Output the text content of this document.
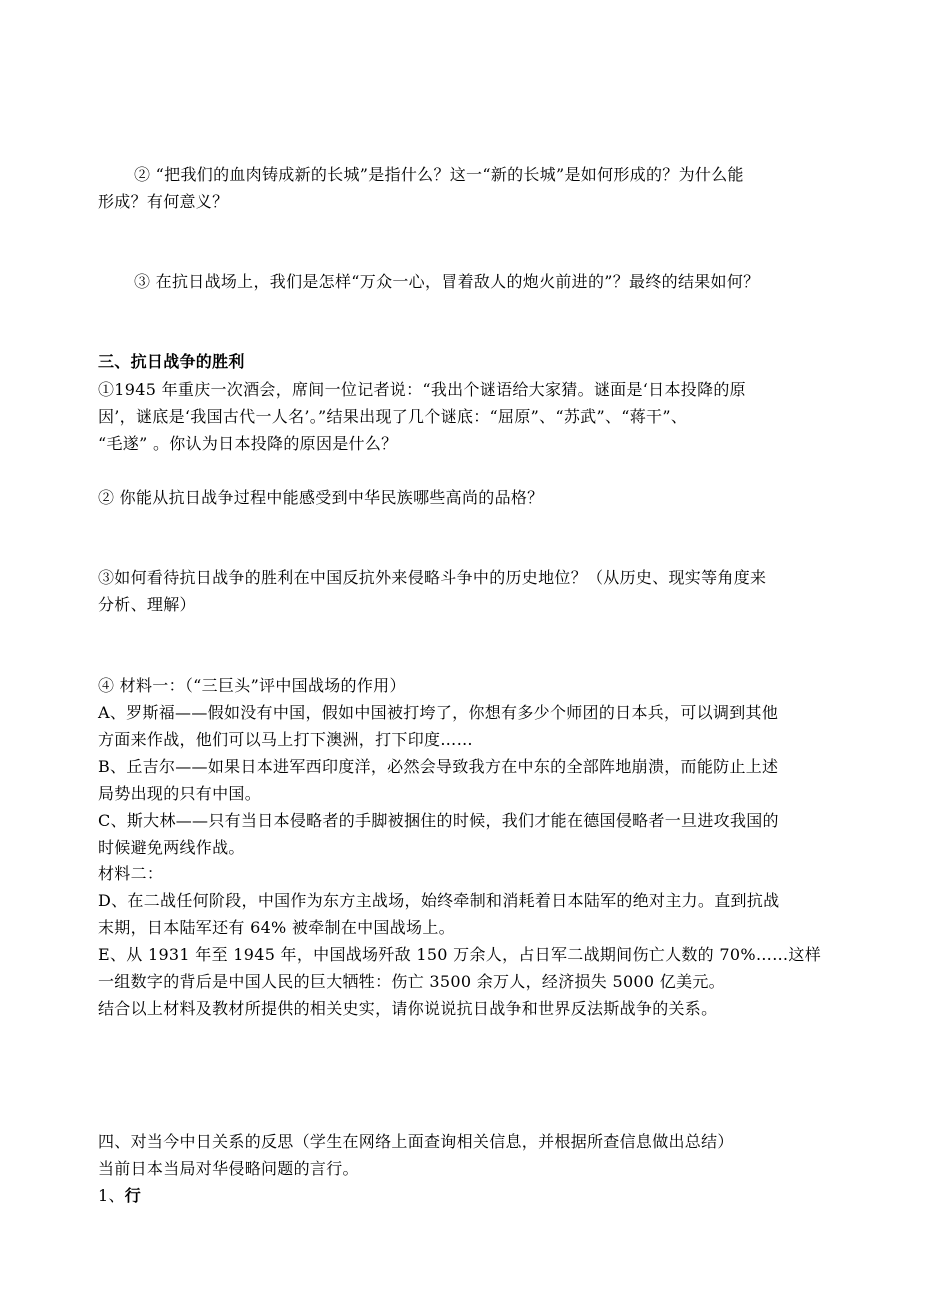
② “把我们的血肉铸成新的长城”是指什么？这一“新的长城”是如何形成的？为什么能
形成？有何意义？
③ 在抗日战场上，我们是怎样“万众一心，冒着敌人的炮火前进的”？最终的结果如何？
三、抗日战争的胜利
①1945 年重庆一次酒会，席间一位记者说：“我出个谜语给大家猜。谜面是‘日本投降的原
因’，谜底是‘我国古代一人名’。”结果出现了几个谜底：“屈原”、“苏武”、“蒋干”、
“毛遂” 。你认为日本投降的原因是什么？
② 你能从抗日战争过程中能感受到中华民族哪些高尚的品格？
③如何看待抗日战争的胜利在中国反抗外来侵略斗争中的历史地位？（从历史、现实等角度来
分析、理解）
④ 材料一：（“三巨头”评中国战场的作用）
A、罗斯福——假如没有中国，假如中国被打垮了，你想有多少个师团的日本兵，可以调到其他
方面来作战，他们可以马上打下澳洲，打下印度……
B、丘吉尔——如果日本进军西印度洋，必然会导致我方在中东的全部阵地崩溃，而能防止上述
局势出现的只有中国。
C、斯大林——只有当日本侵略者的手脚被捆住的时候，我们才能在德国侵略者一旦进攻我国的
时候避免两线作战。
材料二：
D、在二战任何阶段，中国作为东方主战场，始终牵制和消耗着日本陆军的绝对主力。直到抗战
末期，日本陆军还有 64% 被牵制在中国战场上。
E、从 1931 年至 1945 年，中国战场歼敌 150 万余人，占日军二战期间伤亡人数的 70%……这样
一组数字的背后是中国人民的巨大牺牲：伤亡 3500 余万人，经济损失 5000 亿美元。
结合以上材料及教材所提供的相关史实，请你说说抗日战争和世界反法斯战争的关系。
四、对当今中日关系的反思（学生在网络上面查询相关信息，并根据所查信息做出总结）
当前日本当局对华侵略问题的言行。
1、行
